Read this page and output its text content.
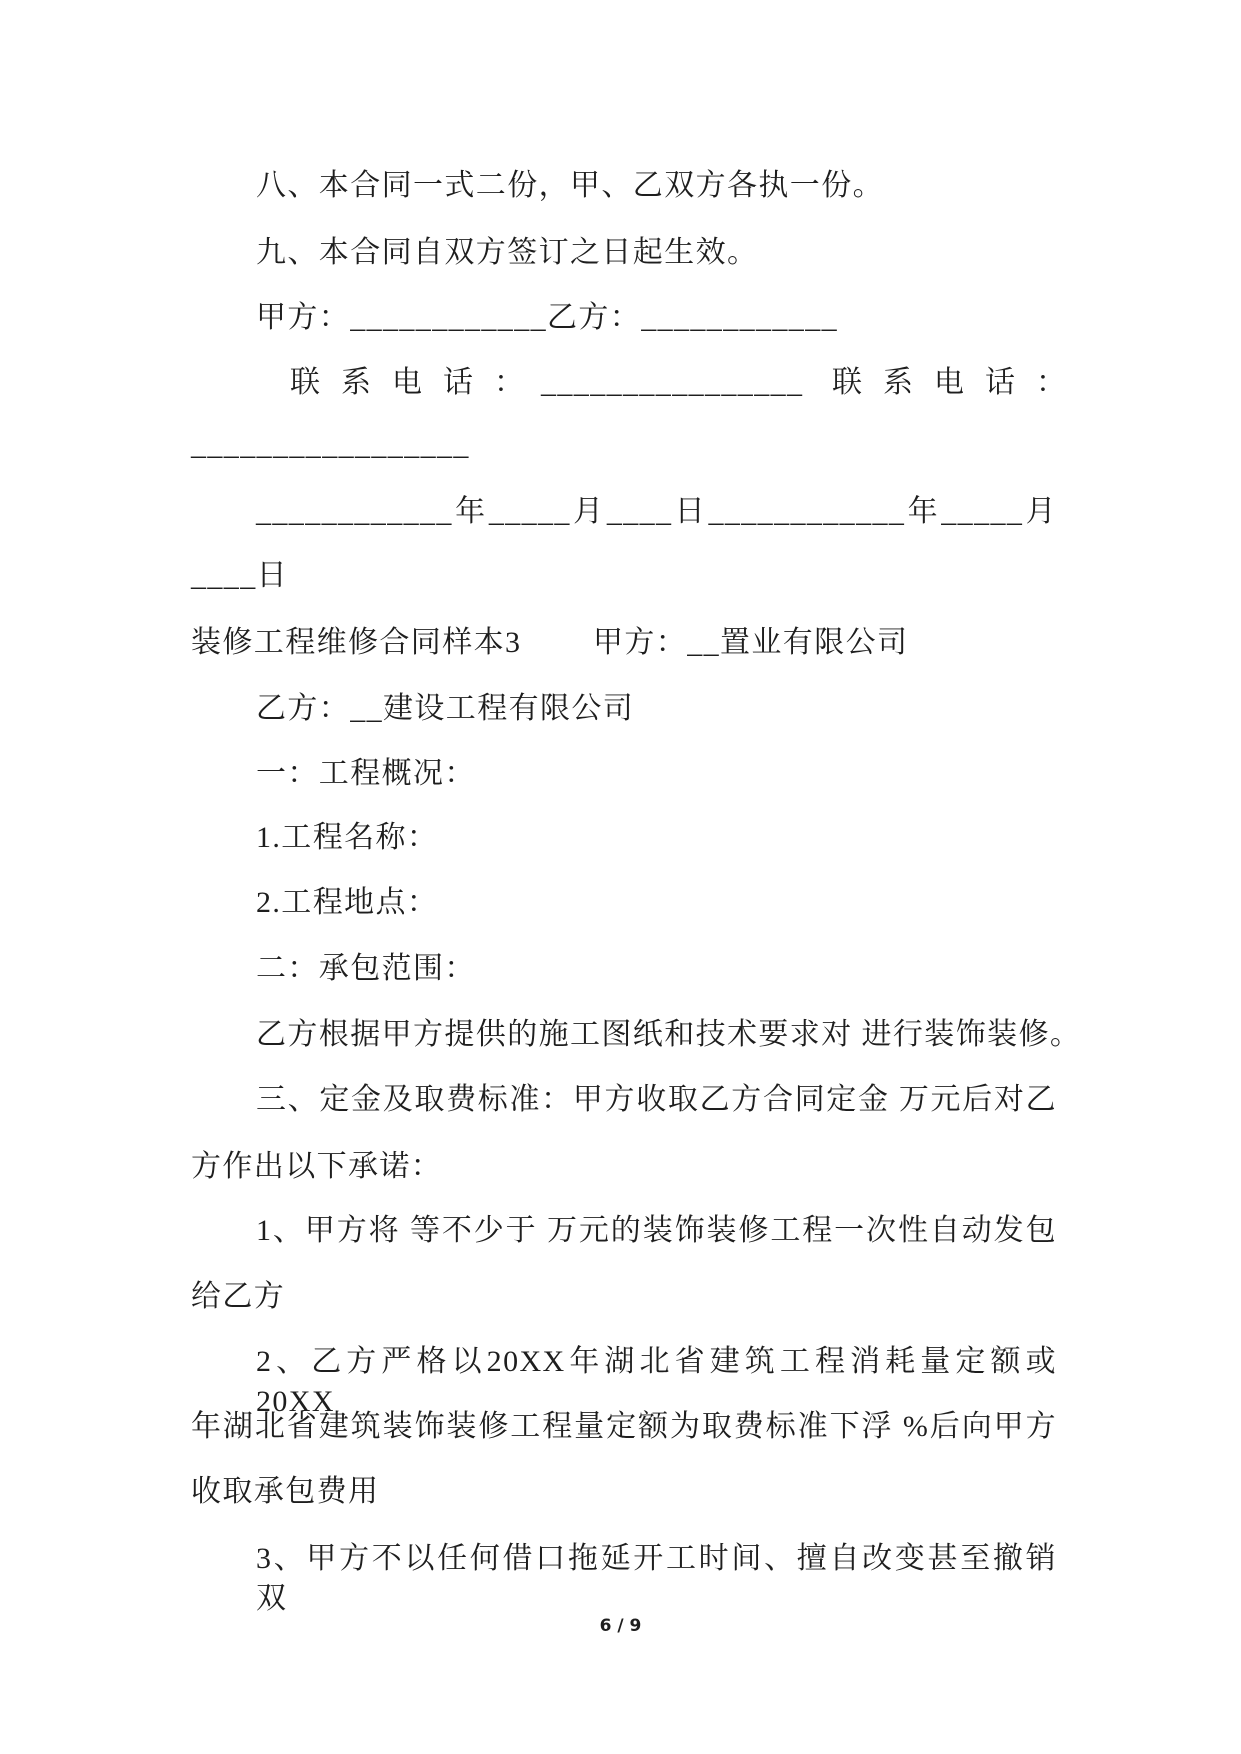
八、本合同一式二份，甲、乙双方各执一份。
九、本合同自双方签订之日起生效。
甲方：____________乙方：____________
联系电话：
________________ 联系电话：
_________________
____________年_____月____日____________年_____月
____日
装修工程维修合同样本3 甲方：__置业有限公司
乙方：__建设工程有限公司
一：工程概况：
1.工程名称：
2.工程地点：
二：承包范围：
乙方根据甲方提供的施工图纸和技术要求对 进行装饰装修。
三、定金及取费标准：甲方收取乙方合同定金 万元后对乙
方作出以下承诺：
1、甲方将 等不少于 万元的装饰装修工程一次性自动发包
给乙方
2、乙方严格以20XX年湖北省建筑工程消耗量定额或20XX
年湖北省建筑装饰装修工程量定额为取费标准下浮 %后向甲方
收取承包费用
3、甲方不以任何借口拖延开工时间、擅自改变甚至撤销双
6 / 9
